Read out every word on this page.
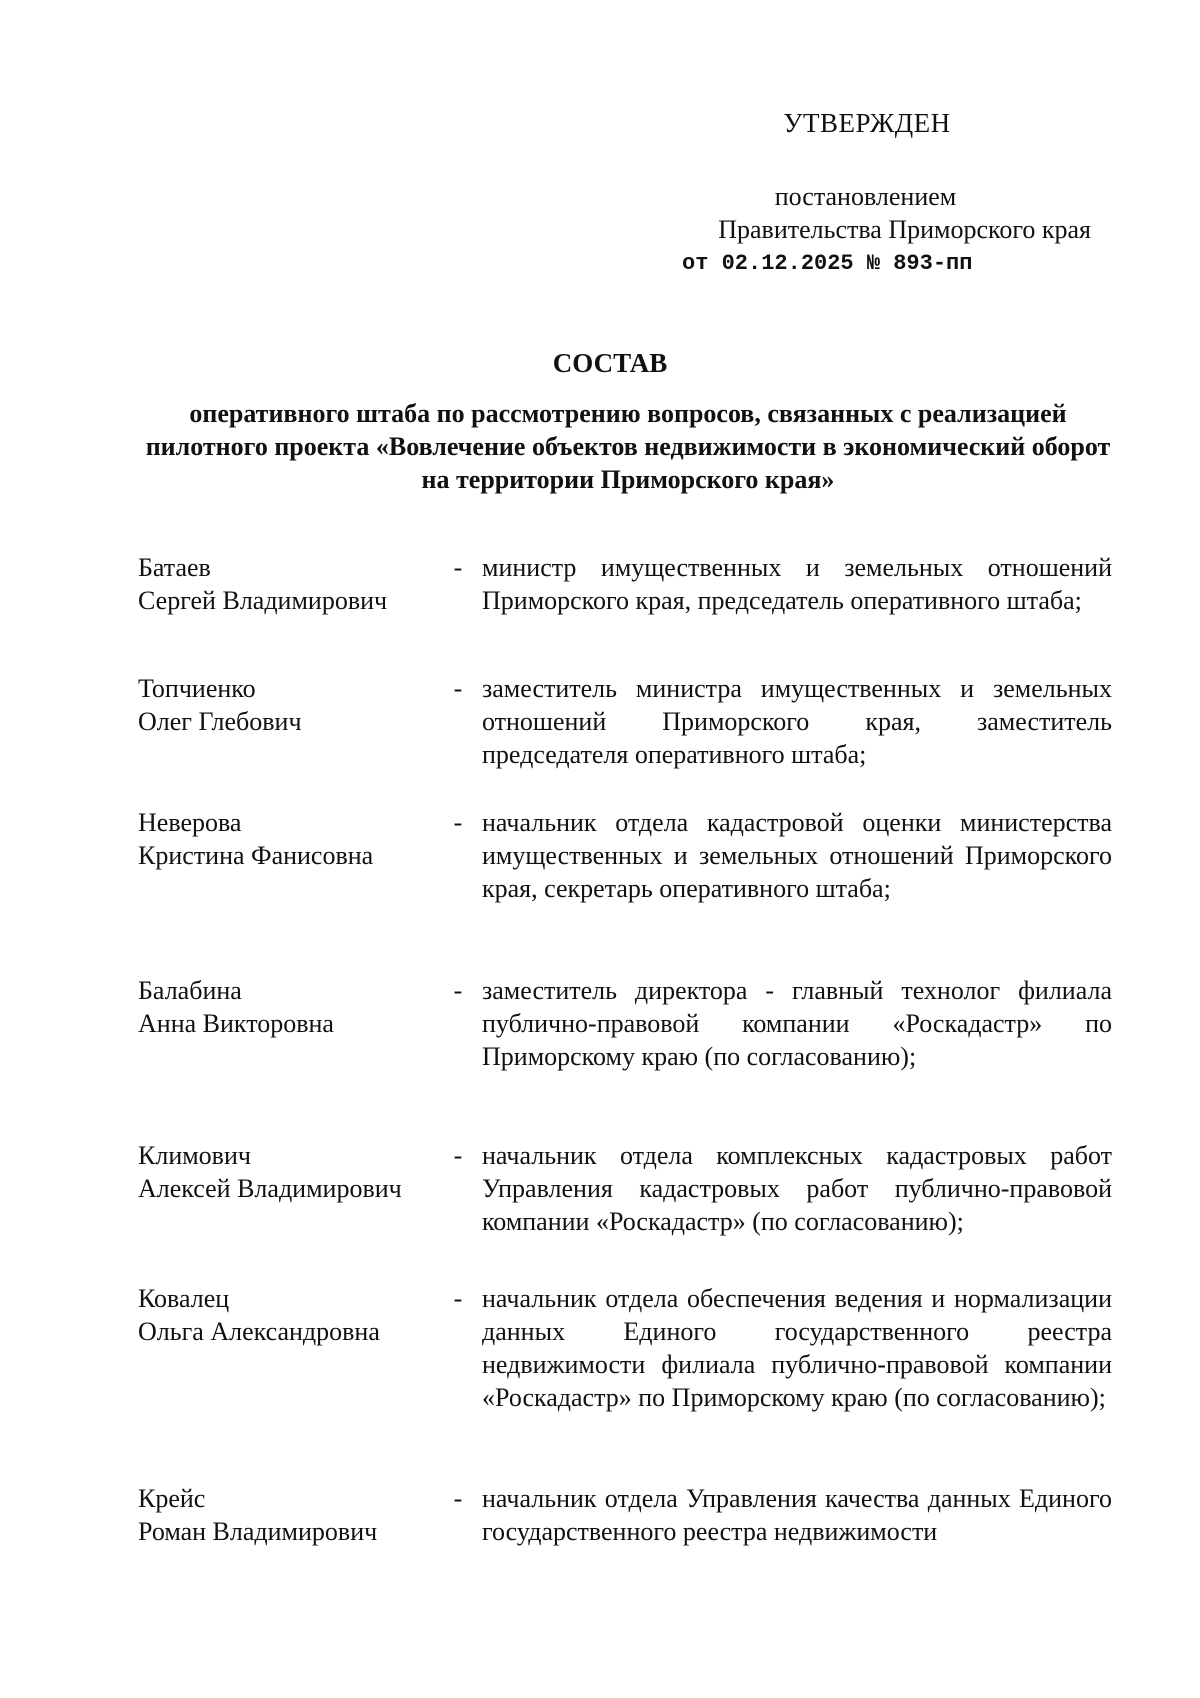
УТВЕРЖДЕН
постановлением
Правительства Приморского края
от 02.12.2025 № 893-пп
СОСТАВ
оперативного штаба по рассмотрению вопросов, связанных с реализацией пилотного проекта «Вовлечение объектов недвижимости в экономический оборот на территории Приморского края»
Батаев
Сергей Владимирович
- министр имущественных и земельных отношений Приморского края, председатель оперативного штаба;
Топчиенко
Олег Глебович
- заместитель министра имущественных и земельных отношений Приморского края, заместитель председателя оперативного штаба;
Неверова
Кристина Фанисовна
- начальник отдела кадастровой оценки министерства имущественных и земельных отношений Приморского края, секретарь оперативного штаба;
Балабина
Анна Викторовна
- заместитель директора - главный технолог филиала публично-правовой компании «Роскадастр» по Приморскому краю (по согласованию);
Климович
Алексей Владимирович
- начальник отдела комплексных кадастровых работ Управления кадастровых работ публично-правовой компании «Роскадастр» (по согласованию);
Ковалец
Ольга Александровна
- начальник отдела обеспечения ведения и нормализации данных Единого государственного реестра недвижимости филиала публично-правовой компании «Роскадастр» по Приморскому краю (по согласованию);
Крейс
Роман Владимирович
- начальник отдела Управления качества данных Единого государственного реестра недвижимости
